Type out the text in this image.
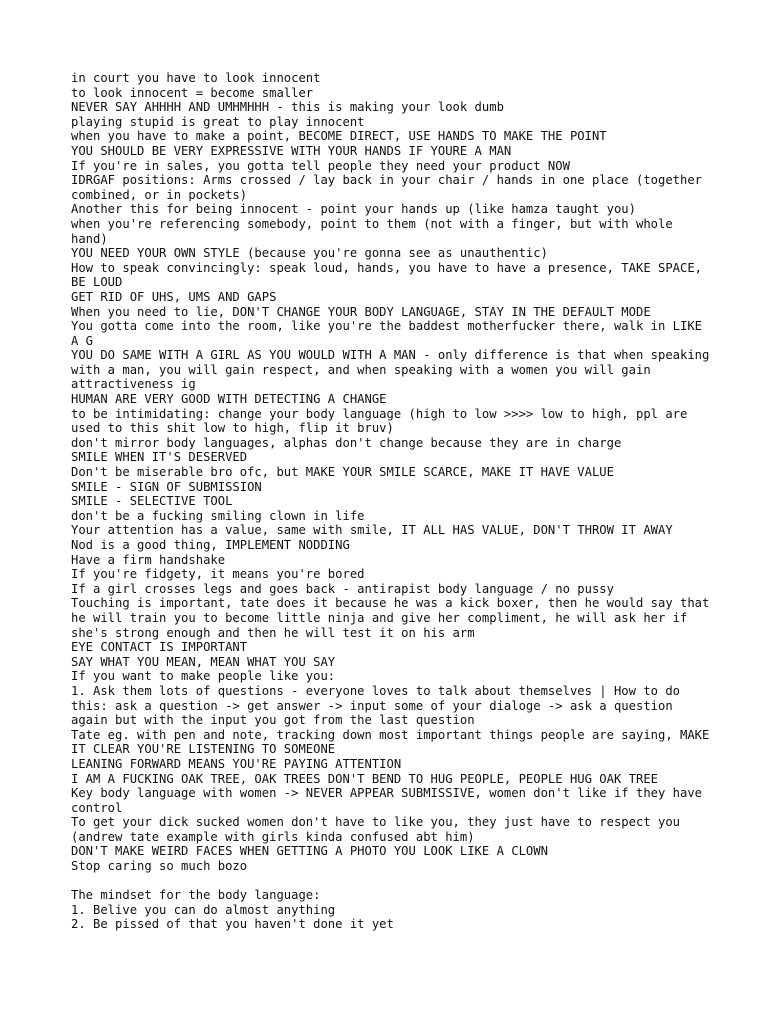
in court you have to look innocent
to look innocent = become smaller
NEVER SAY AHHHH AND UMHMHHH - this is making your look dumb
playing stupid is great to play innocent
when you have to make a point, BECOME DIRECT, USE HANDS TO MAKE THE POINT
YOU SHOULD BE VERY EXPRESSIVE WITH YOUR HANDS IF YOURE A MAN
If you're in sales, you gotta tell people they need your product NOW
IDRGAF positions: Arms crossed / lay back in your chair / hands in one place (together combined, or in pockets)
Another this for being innocent - point your hands up (like hamza taught you)
when you're referencing somebody, point to them (not with a finger, but with whole hand)
YOU NEED YOUR OWN STYLE (because you're gonna see as unauthentic)
How to speak convincingly: speak loud, hands, you have to have a presence, TAKE SPACE, BE LOUD
GET RID OF UHS, UMS AND GAPS
When you need to lie, DON'T CHANGE YOUR BODY LANGUAGE, STAY IN THE DEFAULT MODE
You gotta come into the room, like you're the baddest motherfucker there, walk in LIKE A G
YOU DO SAME WITH A GIRL AS YOU WOULD WITH A MAN - only difference is that when speaking with a man, you will gain respect, and when speaking with a women you will gain attractiveness ig
HUMAN ARE VERY GOOD WITH DETECTING A CHANGE
to be intimidating: change your body language (high to low >>>> low to high, ppl are used to this shit low to high, flip it bruv)
don't mirror body languages, alphas don't change because they are in charge
SMILE WHEN IT'S DESERVED
Don't be miserable bro ofc, but MAKE YOUR SMILE SCARCE, MAKE IT HAVE VALUE
SMILE - SIGN OF SUBMISSION
SMILE - SELECTIVE TOOL
don't be a fucking smiling clown in life
Your attention has a value, same with smile, IT ALL HAS VALUE, DON'T THROW IT AWAY
Nod is a good thing, IMPLEMENT NODDING
Have a firm handshake
If you're fidgety, it means you're bored
If a girl crosses legs and goes back - antirapist body language / no pussy
Touching is important, tate does it because he was a kick boxer, then he would say that he will train you to become little ninja and give her compliment, he will ask her if she's strong enough and then he will test it on his arm
EYE CONTACT IS IMPORTANT
SAY WHAT YOU MEAN, MEAN WHAT YOU SAY
If you want to make people like you:
1. Ask them lots of questions - everyone loves to talk about themselves | How to do this: ask a question -> get answer -> input some of your dialoge -> ask a question again but with the input you got from the last question
Tate eg. with pen and note, tracking down most important things people are saying, MAKE IT CLEAR YOU'RE LISTENING TO SOMEONE
LEANING FORWARD MEANS YOU'RE PAYING ATTENTION
I AM A FUCKING OAK TREE, OAK TREES DON'T BEND TO HUG PEOPLE, PEOPLE HUG OAK TREE
Key body language with women -> NEVER APPEAR SUBMISSIVE, women don't like if they have control
To get your dick sucked women don't have to like you, they just have to respect you (andrew tate example with girls kinda confused abt him)
DON'T MAKE WEIRD FACES WHEN GETTING A PHOTO YOU LOOK LIKE A CLOWN
Stop caring so much bozo
The mindset for the body language:
1. Belive you can do almost anything
2. Be pissed of that you haven't done it yet
